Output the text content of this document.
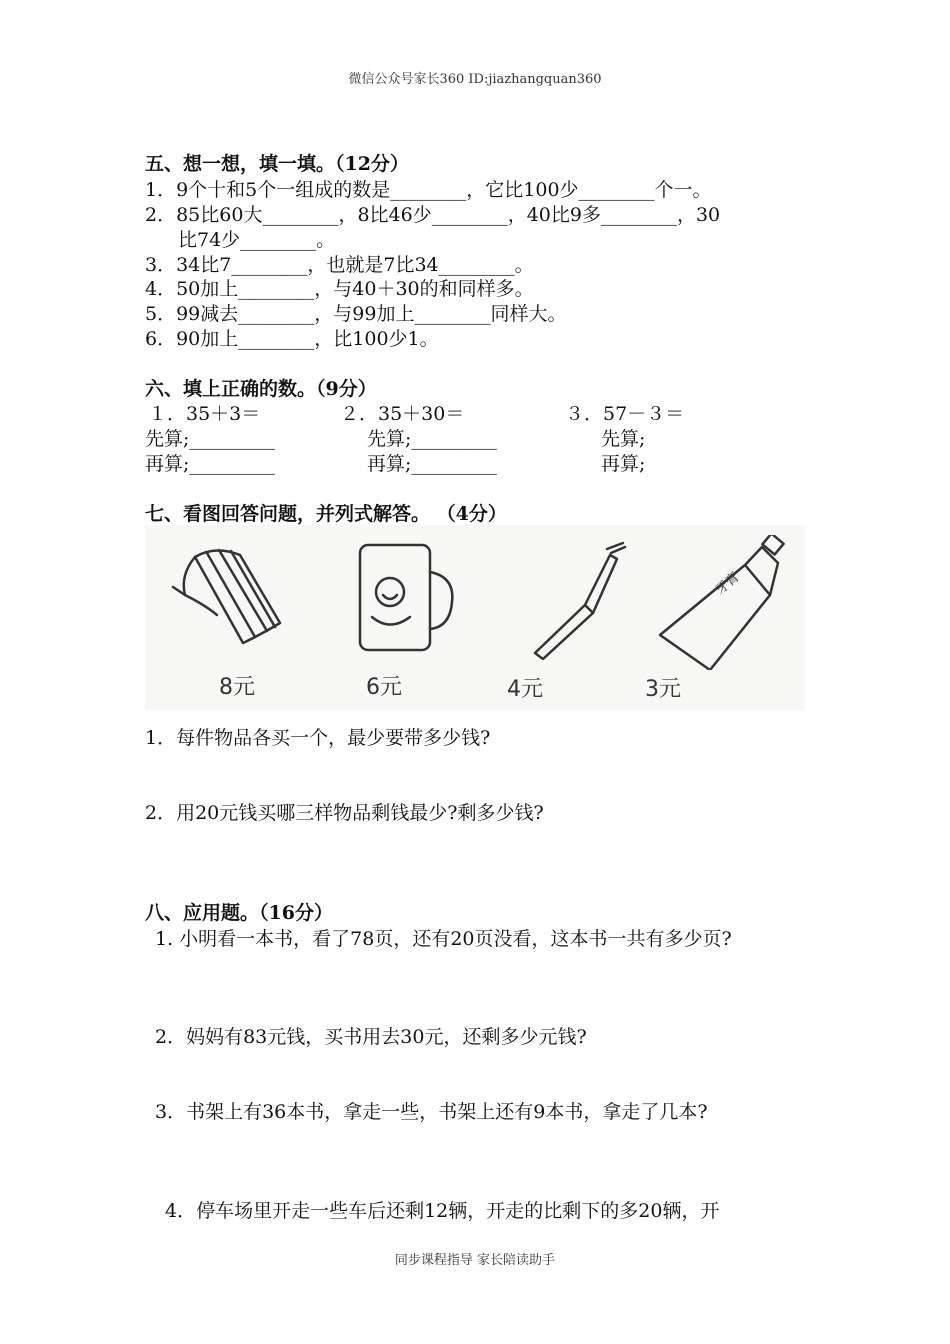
微信公众号家长360 ID:jiazhangquan360
五、想一想，填一填。（12分）
1．9个十和5个一组成的数是________，它比100少________个一。
2．85比60大________，8比46少________，40比9多________，30
比74少________。
3．34比7________，也就是7比34________。
4．50加上________，与40＋30的和同样多。
5．99减去________，与99加上________同样大。
6．90加上________，比100少1。
六、填上正确的数。（9分）
１．35＋3＝
先算;_________
再算;_________
２．35＋30＝
先算;_________
再算;_________
３．57－３＝
先算;
再算;
七、看图回答问题，并列式解答。 （4分）
牙膏
8元	6元	4元	3元
1．每件物品各买一个，最少要带多少钱?
2．用20元钱买哪三样物品剩钱最少?剩多少钱?
八、应用题。（16分）
1. 小明看一本书，看了78页，还有20页没看，这本书一共有多少页?
2．妈妈有83元钱，买书用去30元，还剩多少元钱?
3．书架上有36本书，拿走一些，书架上还有9本书，拿走了几本?
4．停车场里开走一些车后还剩12辆，开走的比剩下的多20辆，开
同步课程指导 家长陪读助手
